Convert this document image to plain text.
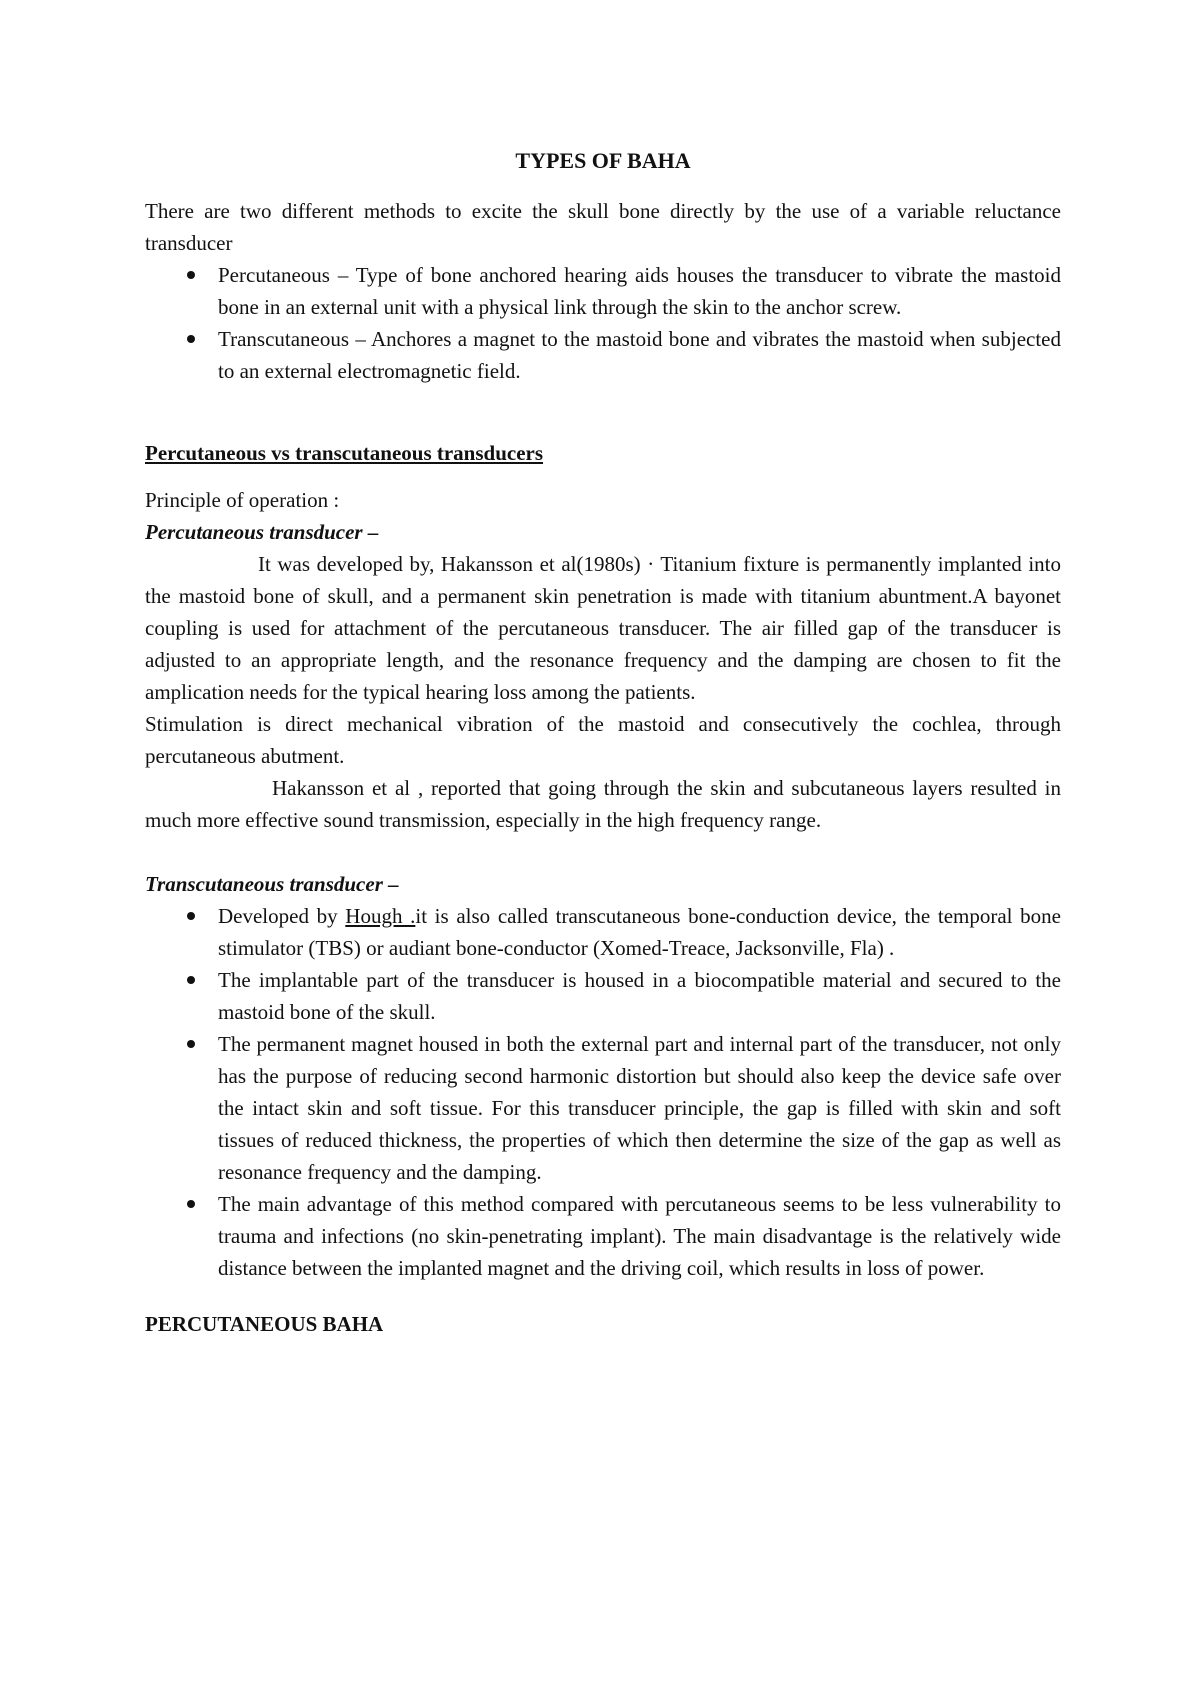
TYPES OF BAHA

There are two different methods to excite the skull bone directly by the use of a variable reluctance transducer

Percutaneous – Type of bone anchored hearing aids houses the transducer to vibrate the mastoid bone in an external unit with a physical link through the skin to the anchor screw.
Transcutaneous – Anchores a magnet to the mastoid bone and vibrates the mastoid when subjected to an external electromagnetic field.
Percutaneous vs transcutaneous transducers

Principle of operation :

Percutaneous transducer –

It was developed by, Hakansson et al(1980s) · Titanium fixture is permanently implanted into the mastoid bone of skull, and a permanent skin penetration is made with titanium abuntment.A bayonet coupling is used for attachment of the percutaneous transducer. The air filled gap of the transducer is adjusted to an appropriate length, and the resonance frequency and the damping are chosen to fit the amplication needs for the typical hearing loss among the patients.

Stimulation is direct mechanical vibration of the mastoid and consecutively the cochlea, through percutaneous abutment.

Hakansson et al , reported that going through the skin and subcutaneous layers resulted in much more effective sound transmission, especially in the high frequency range.

Transcutaneous transducer –

Developed by Hough .it is also called transcutaneous bone-conduction device, the temporal bone stimulator (TBS) or audiant bone-conductor (Xomed-Treace, Jacksonville, Fla) .
The implantable part of the transducer is housed in a biocompatible material and secured to the mastoid bone of the skull.
The permanent magnet housed in both the external part and internal part of the transducer, not only has the purpose of reducing second harmonic distortion but should also keep the device safe over the intact skin and soft tissue. For this transducer principle, the gap is filled with skin and soft tissues of reduced thickness, the properties of which then determine the size of the gap as well as resonance frequency and the damping.
The main advantage of this method compared with percutaneous seems to be less vulnerability to trauma and infections (no skin-penetrating implant). The main disadvantage is the relatively wide distance between the implanted magnet and the driving coil, which results in loss of power.
PERCUTANEOUS BAHA
